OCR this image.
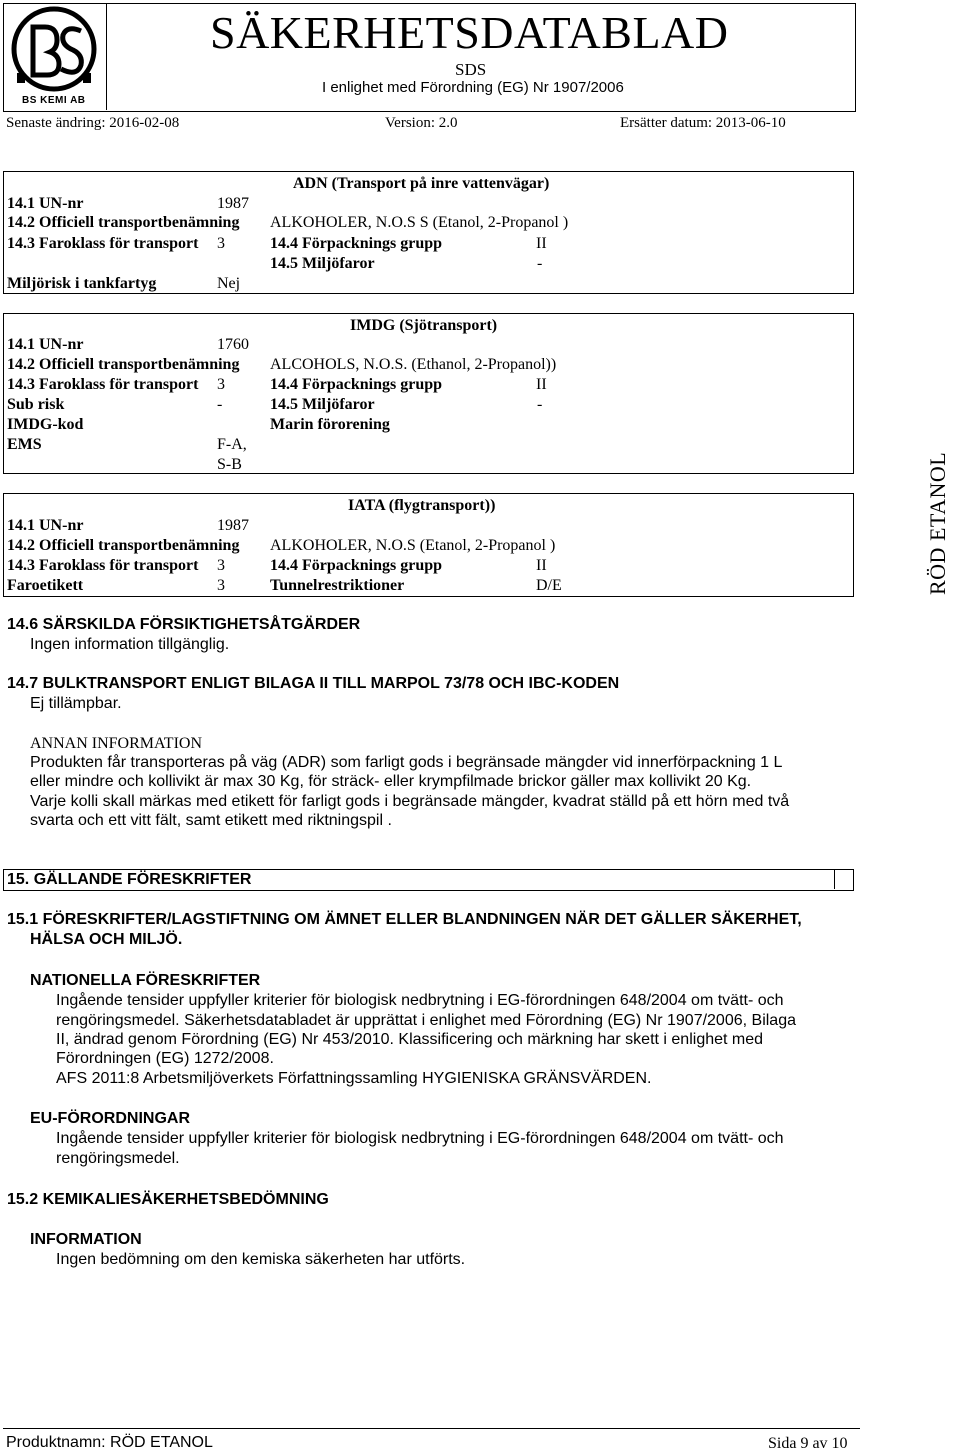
BS KEMI AB
SÄKERHETSDATABLAD
SDS
I enlighet med Förordning (EG) Nr 1907/2006
Senaste ändring: 2016-02-08	Version: 2.0	Ersätter datum: 2013-06-10
ADN (Transport på inre vattenvägar)
14.1 UN-nr	1987
14.2 Officiell transportbenämning ALKOHOLER, N.O.S S (Etanol, 2-Propanol )
14.3 Faroklass för transport 3	14.4 Förpacknings grupp	II
14.5 Miljöfaror	-
Miljörisk i tankfartyg	Nej
IMDG (Sjötransport)
14.1 UN-nr	1760
14.2 Officiell transportbenämning ALCOHOLS, N.O.S. (Ethanol, 2-Propanol))
14.3 Faroklass för transport 3	14.4 Förpacknings grupp	II
Sub risk	-	14.5 Miljöfaror	-
IMDG-kod	Marin förorening
EMS	F-A,
S-B
IATA (flygtransport))
14.1 UN-nr	1987
14.2 Officiell transportbenämning ALKOHOLER, N.O.S (Etanol, 2-Propanol )
14.3 Faroklass för transport 3	14.4 Förpacknings grupp	II
Faroetikett	3	Tunnelrestriktioner	D/E	RÖD ETANOL
14.6 SÄRSKILDA FÖRSIKTIGHETSÅTGÄRDER
Ingen information tillgänglig.
14.7 BULKTRANSPORT ENLIGT BILAGA II TILL MARPOL 73/78 OCH IBC-KODEN
Ej tillämpbar.
ANNAN INFORMATION
Produkten får transporteras på väg (ADR) som farligt gods i begränsade mängder vid innerförpackning 1 L
eller mindre och kollivikt är max 30 Kg, för sträck- eller krympfilmade brickor gäller max kollivikt 20 Kg.
Varje kolli skall märkas med etikett för farligt gods i begränsade mängder, kvadrat ställd på ett hörn med två
svarta och ett vitt fält, samt etikett med riktningspil .
15. GÄLLANDE FÖRESKRIFTER
15.1 FÖRESKRIFTER/LAGSTIFTNING OM ÄMNET ELLER BLANDNINGEN NÄR DET GÄLLER SÄKERHET,
HÄLSA OCH MILJÖ.
NATIONELLA FÖRESKRIFTER
Ingående tensider uppfyller kriterier för biologisk nedbrytning i EG-förordningen 648/2004 om tvätt- och
rengöringsmedel. Säkerhetsdatabladet är upprättat i enlighet med Förordning (EG) Nr 1907/2006, Bilaga
II, ändrad genom Förordning (EG) Nr 453/2010. Klassificering och märkning har skett i enlighet med
Förordningen (EG) 1272/2008.
AFS 2011:8 Arbetsmiljöverkets Författningssamling HYGIENISKA GRÄNSVÄRDEN.
EU-FÖRORDNINGAR
Ingående tensider uppfyller kriterier för biologisk nedbrytning i EG-förordningen 648/2004 om tvätt- och
rengöringsmedel.
15.2 KEMIKALIESÄKERHETSBEDÖMNING
INFORMATION
Ingen bedömning om den kemiska säkerheten har utförts.
Produktnamn: RÖD ETANOL	Sida 9 av 10
